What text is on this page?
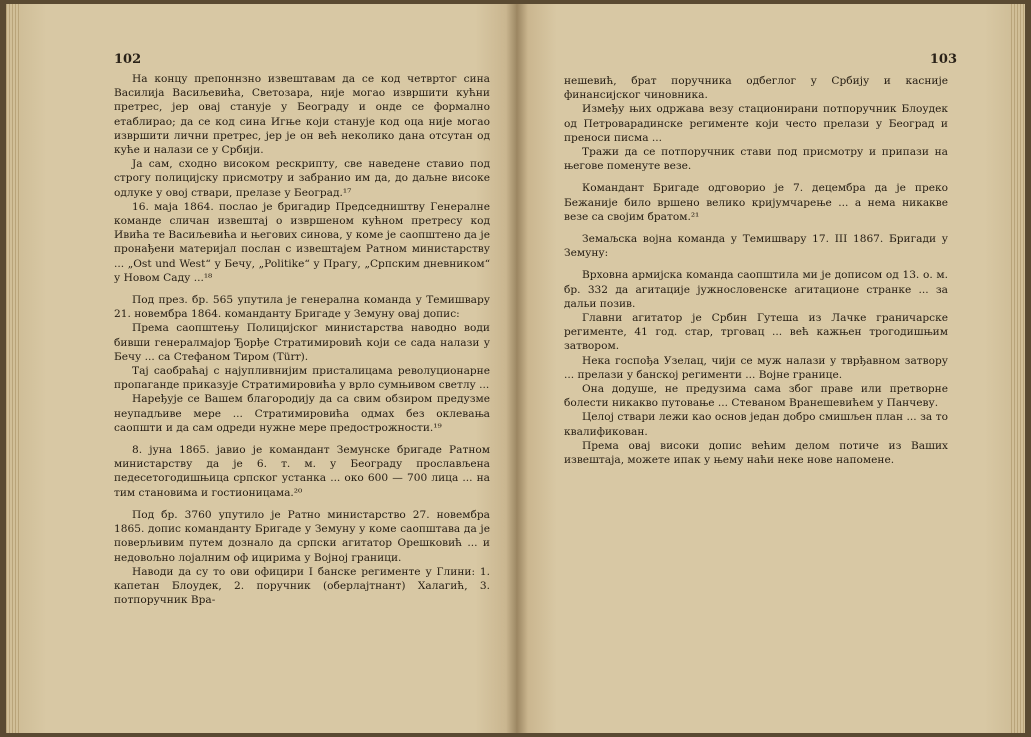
102

На концу препоннзно извештавам да се код четвртог сина Василија Васиљевића, Светозара, није могао извршити кућни претрес, јер овај станује у Београду и онде се формално етаблирао; да се код сина Игње који станује код оца није могао извршити лични претрес, јер је он већ неколико дана отсутан од куће и налази се у Србији.

Ја сам, сходно високом рескрипту, све наведене ставио под строгу полицијску присмотру и забранио им да, до даљне високе одлуке у овој ствари, прелазе у Београд.¹⁷

16. маја 1864. послао је бригадир Председништву Генералне команде сличан извештај о извршеном кућном претресу код Ивића те Васиљевића и његових синова, у коме је саопштено да је пронађени материјал послан с извештајем Ратном министарству ... „Ost und West“ у Бечу, „Politike“ у Прагу, „Српским дневником“ у Новом Саду ...¹⁸

Под през. бр. 565 упутила је генерална команда у Темишвару 21. новембра 1864. команданту Бригаде у Земуну овај допис:

Према саопштењу Полицијског министарства наводно води бивши генералмајор Ђорђе Стратимировић који се сада налази у Бечу ... са Стефаном Тиром (Türr).

Тај саобраћај с најупливнијим присталицама револуционарне пропаганде приказује Стратимировића у врло сумњивом светлу ...

Наређује се Вашем благородију да са свим обзиром предузме неупадљиве мере ... Стратимировића одмах без оклевања саопшти и да сам одреди нужне мере предострожности.¹⁹

8. јуна 1865. јавио је командант Земунске бригаде Ратном министарству да је 6. т. м. у Београду прослављена педесетогодишњица српског устанка ... око 600 — 700 лица ... на тим становима и гостионицама.²⁰

Под бр. 3760 упутило је Ратно министарство 27. новембра 1865. допис команданту Бригаде у Земуну у коме саопштава да је поверљивим путем дознало да српски агитатор Орешковић ... и недовољно лојалним оф ицирима у Војној граници.

Наводи да су то ови официри I банске регименте у Глини: 1. капетан Блоудек, 2. поручник (оберлајтнант) Халагић, 3. потпоручник Вра-

103

нешевић, брат поручника одбеглог у Србију и касније финансијског чиновника.

Између њих одржава везу стационирани потпоручник Блоудек од Петроварадинске регименте који често прелази у Београд и преноси писма ...

Тражи да се потпоручник стави под присмотру и припази на његове поменуте везе.

Командант Бригаде одговорио је 7. децембра да је преко Бежаније било вршено велико кријумчарење ... а нема никакве везе са својим братом.²¹

Земаљска војна команда у Темишвару 17. III 1867. Бригади у Земуну:

Врховна армијска команда саопштила ми је дописом од 13. о. м. бр. 332 да агитације јужнословенске агитационе странке ... за дальи позив.

Главни агитатор је Србин Гутеша из Лачке граничарске регименте, 41 год. стар, трговац ... већ кажњен трогодишњим затвором.

Нека госпођа Узелац, чији се муж налази у тврђавном затвору ... прелази у банској регименти ... Војне границе.

Она додуше, не предузима сама због праве или претворне болести никакво путовање ... Стеваном Вранешевићем у Панчеву.

Целој ствари лежи као основ један добро смишљен план ... за то квалификован.

Према овај високи допис већим делом потиче из Ваших извештаја, можете ипак у њему наћи неке нове напомене.
